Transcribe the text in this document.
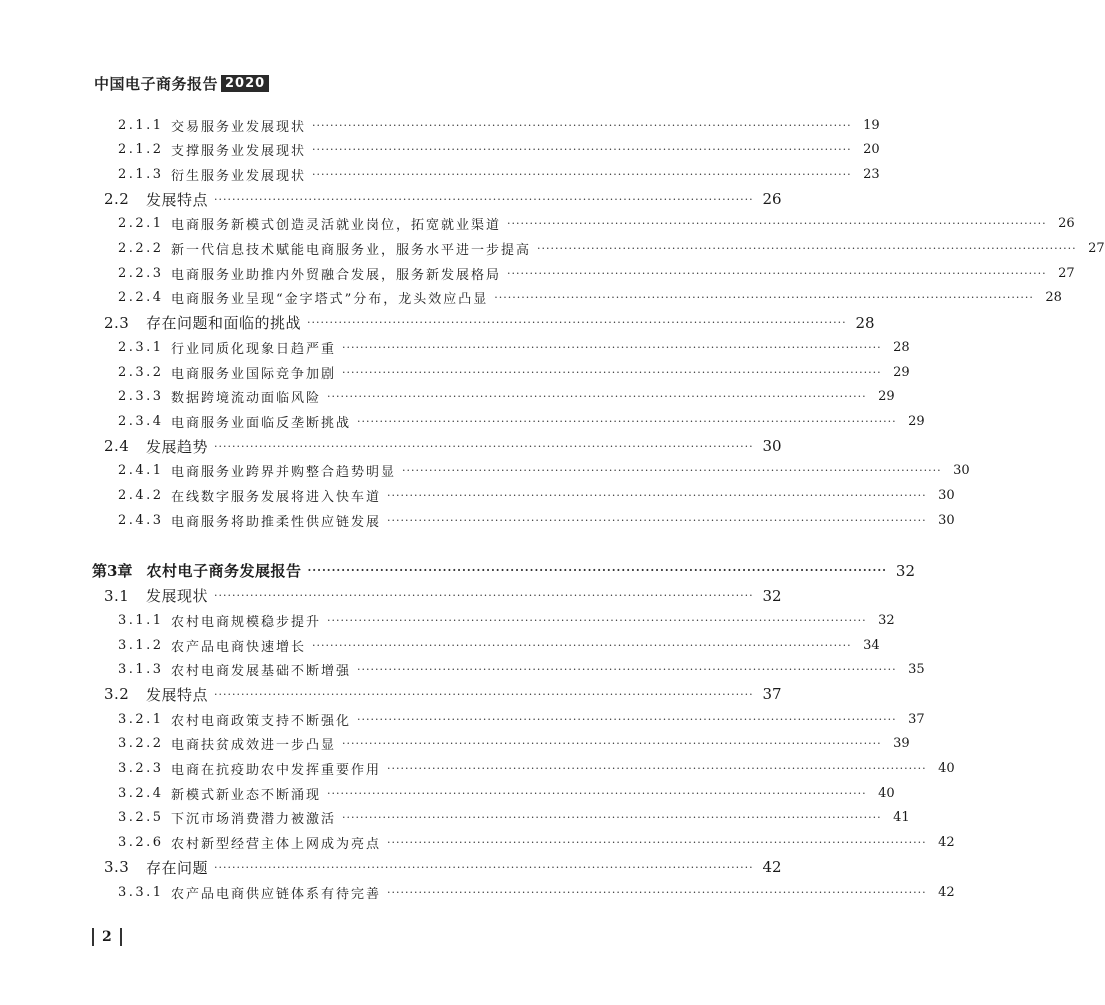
中国电子商务报告 2020
2.1.1 交易服务业发展现状 ························································································································ 19
2.1.2 支撑服务业发展现状 ························································································································ 20
2.1.3 衍生服务业发展现状 ························································································································ 23
2.2	发展特点 ························································································································ 26
2.2.1 电商服务新模式创造灵活就业岗位，拓宽就业渠道 ························································································································ 26
2.2.2 新一代信息技术赋能电商服务业，服务水平进一步提高 ························································································································ 27
2.2.3 电商服务业助推内外贸融合发展，服务新发展格局 ························································································································ 27
2.2.4 电商服务业呈现“金字塔式”分布，龙头效应凸显 ························································································································ 28
2.3	存在问题和面临的挑战 ························································································································ 28
2.3.1 行业同质化现象日趋严重 ························································································································ 28
2.3.2 电商服务业国际竞争加剧 ························································································································ 29
2.3.3 数据跨境流动面临风险 ························································································································ 29
2.3.4 电商服务业面临反垄断挑战 ························································································································ 29
2.4	发展趋势 ························································································································ 30
2.4.1 电商服务业跨界并购整合趋势明显 ························································································································ 30
2.4.2 在线数字服务发展将进入快车道 ························································································································ 30
2.4.3 电商服务将助推柔性供应链发展 ························································································································ 30
第3章 农村电子商务发展报告 ························································································································ 32
3.1	发展现状 ························································································································ 32
3.1.1 农村电商规模稳步提升 ························································································································ 32
3.1.2 农产品电商快速增长 ························································································································ 34
3.1.3 农村电商发展基础不断增强 ························································································································ 35
3.2	发展特点 ························································································································ 37
3.2.1 农村电商政策支持不断强化 ························································································································ 37
3.2.2 电商扶贫成效进一步凸显 ························································································································ 39
3.2.3 电商在抗疫助农中发挥重要作用 ························································································································ 40
3.2.4 新模式新业态不断涌现 ························································································································ 40
3.2.5 下沉市场消费潜力被激活 ························································································································ 41
3.2.6 农村新型经营主体上网成为亮点 ························································································································ 42
3.3	存在问题 ························································································································ 42
3.3.1 农产品电商供应链体系有待完善 ························································································································ 42
2
